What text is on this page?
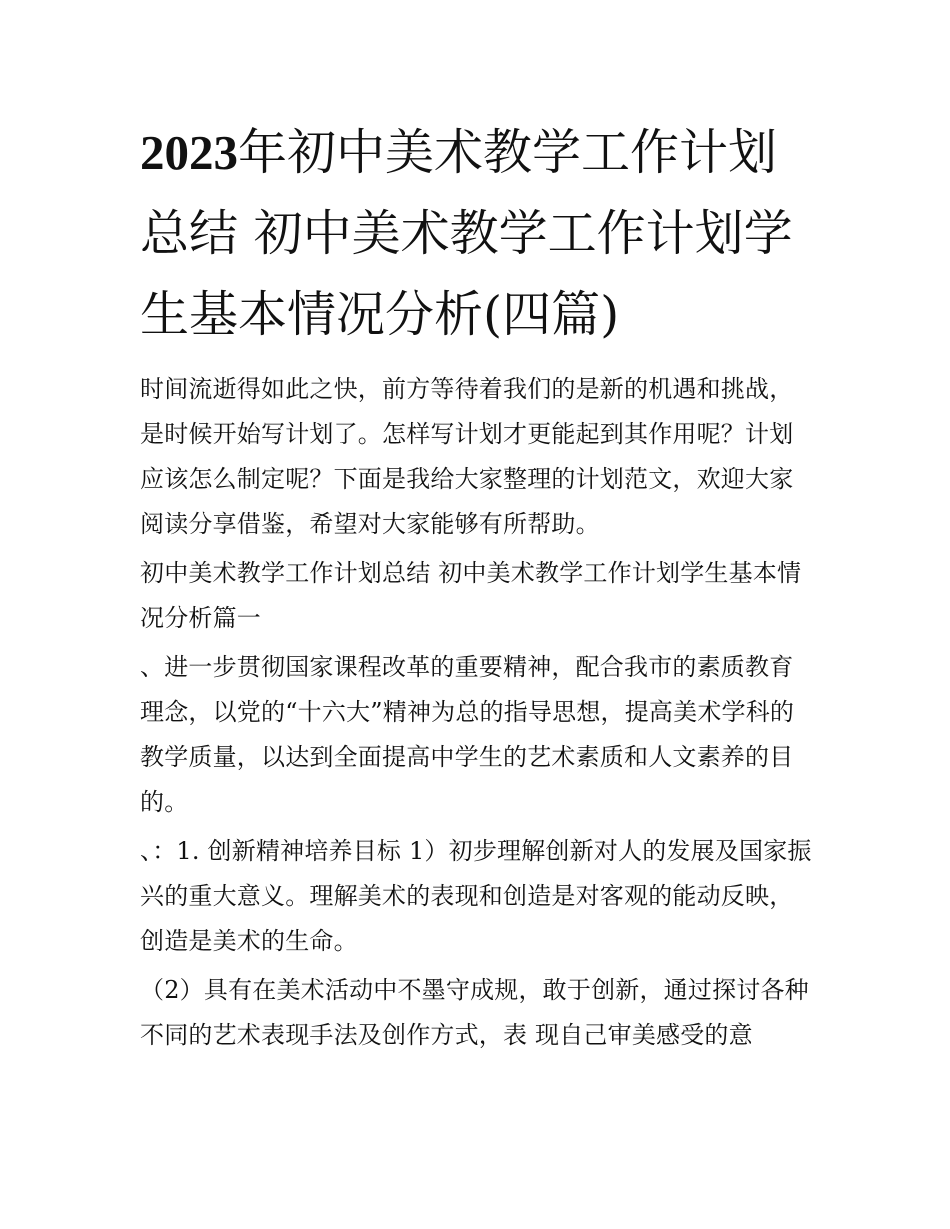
2023年初中美术教学工作计划总结 初中美术教学工作计划学生基本情况分析(四篇)

时间流逝得如此之快，前方等待着我们的是新的机遇和挑战，是时候开始写计划了。怎样写计划才更能起到其作用呢？计划应该怎么制定呢？下面是我给大家整理的计划范文，欢迎大家阅读分享借鉴，希望对大家能够有所帮助。

初中美术教学工作计划总结 初中美术教学工作计划学生基本情况分析篇一

、进一步贯彻国家课程改革的重要精神，配合我市的素质教育理念，以党的“十六大”精神为总的指导思想，提高美术学科的教学质量，以达到全面提高中学生的艺术素质和人文素养的目的。

、：1. 创新精神培养目标 1）初步理解创新对人的发展及国家振兴的重大意义。理解美术的表现和创造是对客观的能动反映，创造是美术的生命。

（2）具有在美术活动中不墨守成规，敢于创新，通过探讨各种不同的艺术表现手法及创作方式，表 现自己审美感受的意
